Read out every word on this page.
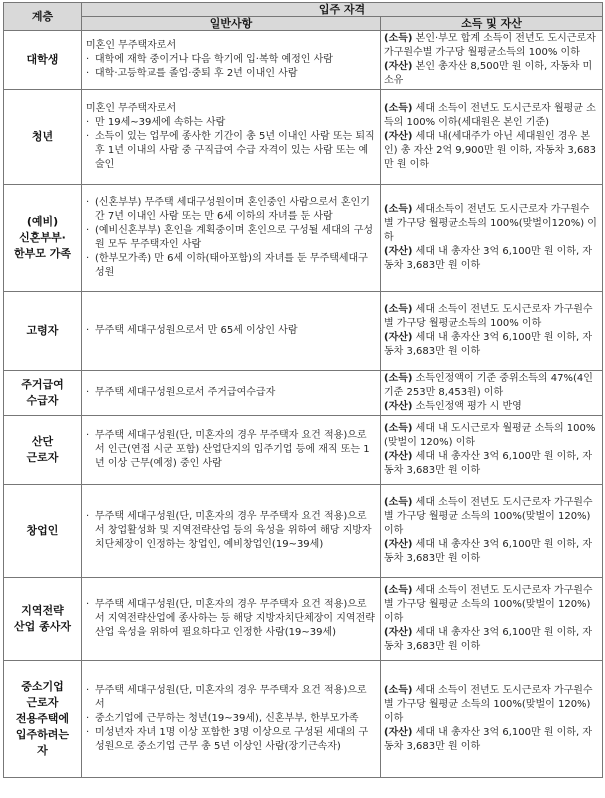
계층	입주 자격	
	일반사항	소득 및 자산

대학생	미혼인 무주택자로서
· 대학에 재학 중이거나 다음 학기에 입·복학 예정인 사람
· 대학·고등학교를 졸업·중퇴 후 2년 이내인 사람	(소득) 본인·부모 합계 소득이 전년도 도시근로자 가구원수별 가구당 월평균소득의 100% 이하
(자산) 본인 총자산 8,500만 원 이하, 자동차 미소유

청년	미혼인 무주택자로서
· 만 19세~39세에 속하는 사람
· 소득이 있는 업무에 종사한 기간이 총 5년 이내인 사람 또는 퇴직 후 1년 이내의 사람 중 구직급여 수급 자격이 있는 사람 또는 예술인	(소득) 세대 소득이 전년도 도시근로자 월평균 소득의 100% 이하(세대원은 본인 기준)
(자산) 세대 내(세대주가 아닌 세대원인 경우 본인) 총 자산 2억 9,900만 원 이하, 자동차 3,683만 원 이하

(예비)
신혼부부·
한부모 가족	· (신혼부부) 무주택 세대구성원이며 혼인중인 사람으로서 혼인기간 7년 이내인 사람 또는 만 6세 이하의 자녀를 둔 사람
· (예비신혼부부) 혼인을 계획중이며 혼인으로 구성될 세대의 구성원 모두 무주택자인 사람
· (한부모가족) 만 6세 이하(태아포함)의 자녀를 둔 무주택세대구성원	(소득) 세대소득이 전년도 도시근로자 가구원수별 가구당 월평균소득의 100%(맞벌이120%) 이하
(자산) 세대 내 총자산 3억 6,100만 원 이하, 자동차 3,683만 원 이하

고령자	· 무주택 세대구성원으로서 만 65세 이상인 사람	(소득) 세대 소득이 전년도 도시근로자 가구원수별 가구당 월평균소득의 100% 이하
(자산) 세대 내 총자산 3억 6,100만 원 이하, 자동차 3,683만 원 이하

주거급여
수급자	· 무주택 세대구성원으로서 주거급여수급자	(소득) 소득인정액이 기준 중위소득의 47%(4인 기준 253만 8,453원) 이하
(자산) 소득인정액 평가 시 반영

산단
근로자	· 무주택 세대구성원(단, 미혼자의 경우 무주택자 요건 적용)으로서 인근(연접 시군 포함) 산업단지의 입주기업 등에 재직 또는 1년 이상 근무(예정) 중인 사람	(소득) 세대 내 도시근로자 월평균 소득의 100%(맞벌이 120%) 이하
(자산) 세대 내 총자산 3억 6,100만 원 이하, 자동차 3,683만 원 이하

창업인	· 무주택 세대구성원(단, 미혼자의 경우 무주택자 요건 적용)으로서 창업활성화 및 지역전략산업 등의 육성을 위하여 해당 지방자치단체장이 인정하는 창업인, 예비창업인(19~39세)	(소득) 세대 소득이 전년도 도시근로자 가구원수별 가구당 월평균 소득의 100%(맞벌이 120%) 이하
(자산) 세대 내 총자산 3억 6,100만 원 이하, 자동차 3,683만 원 이하

지역전략
산업 종사자	· 무주택 세대구성원(단, 미혼자의 경우 무주택자 요건 적용)으로서 지역전략산업에 종사하는 등 해당 지방자치단체장이 지역전략산업 육성을 위하여 필요하다고 인정한 사람(19~39세)	(소득) 세대 소득이 전년도 도시근로자 가구원수별 가구당 월평균 소득의 100%(맞벌이 120%) 이하
(자산) 세대 내 총자산 3억 6,100만 원 이하, 자동차 3,683만 원 이하

중소기업
근로자
전용주택에
입주하려는
자	· 무주택 세대구성원(단, 미혼자의 경우 무주택자 요건 적용)으로서
· 중소기업에 근무하는 청년(19~39세), 신혼부부, 한부모가족
· 미성년자 자녀 1명 이상 포함한 3명 이상으로 구성된 세대의 구성원으로 중소기업 근무 총 5년 이상인 사람(장기근속자)	(소득) 세대 소득이 전년도 도시근로자 가구원수별 가구당 월평균 소득의 100%(맞벌이 120%) 이하
(자산) 세대 내 총자산 3억 6,100만 원 이하, 자동차 3,683만 원 이하
